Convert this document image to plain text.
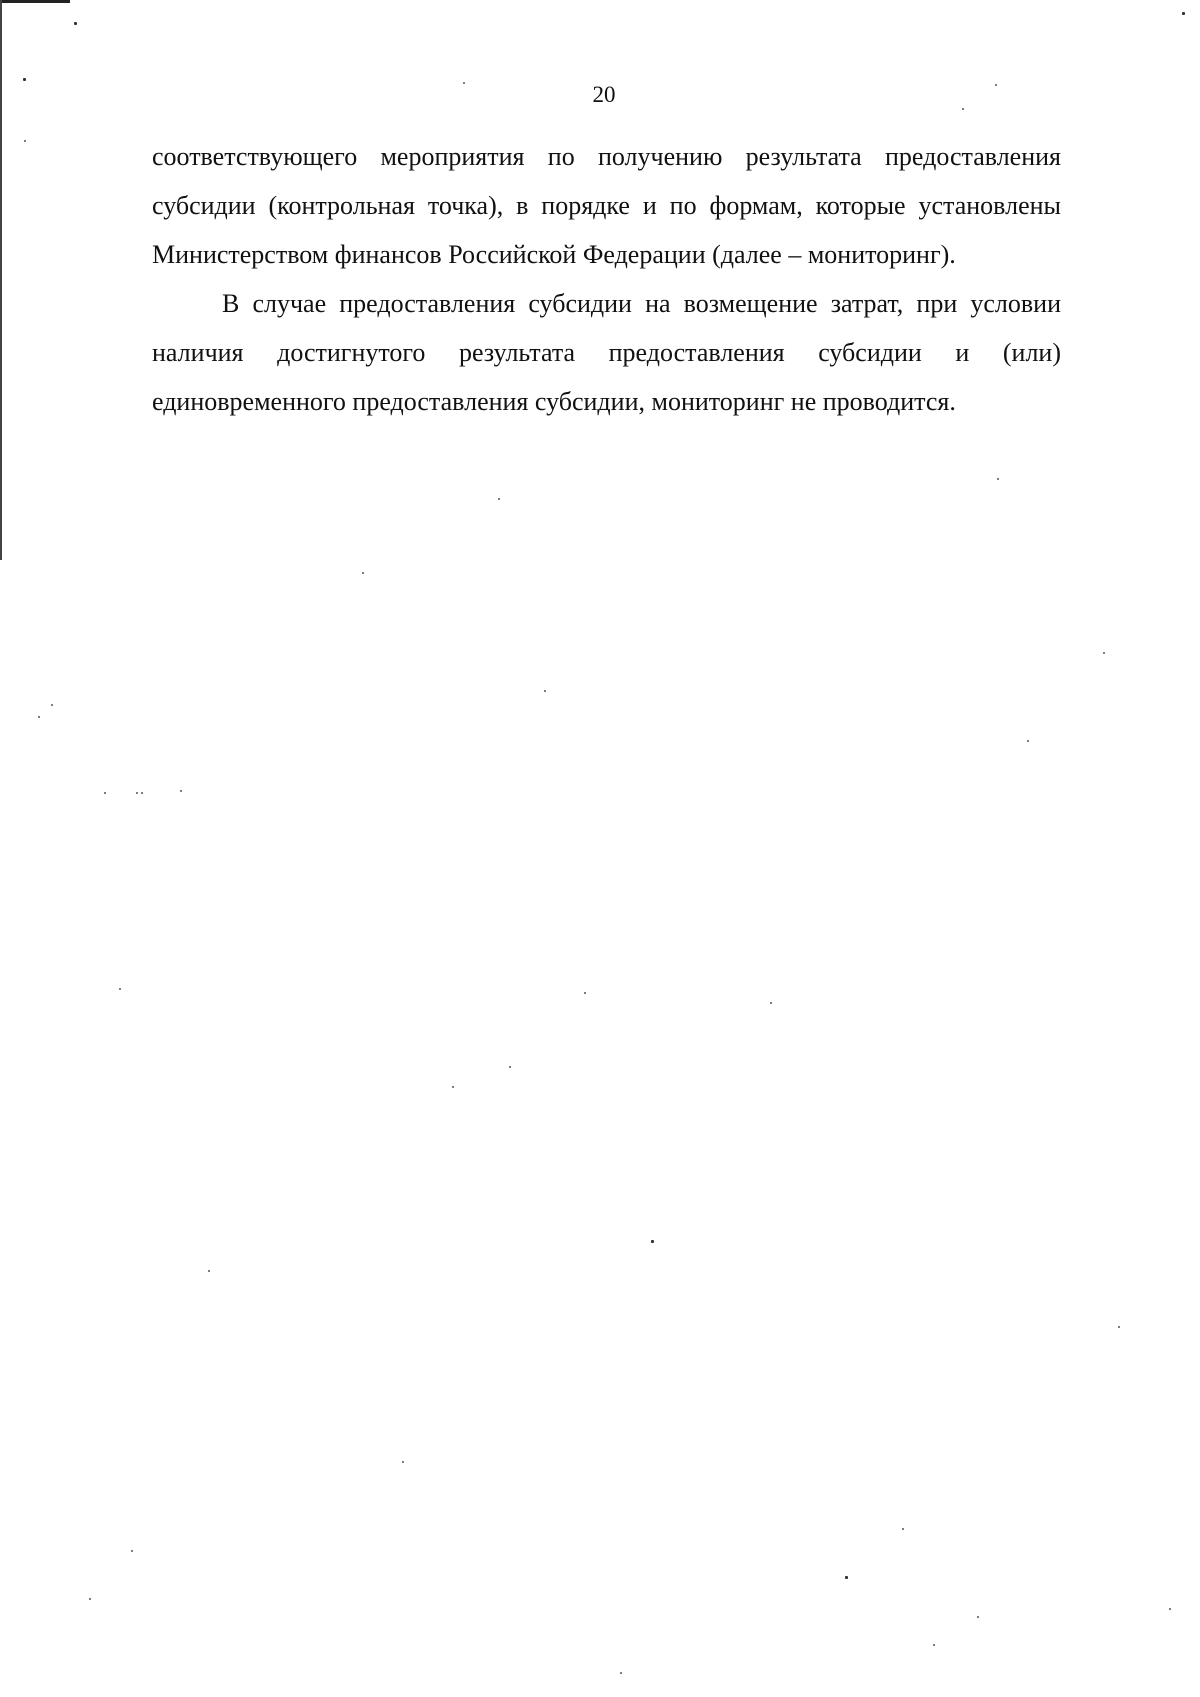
20

соответствующего мероприятия по получению результата предоставления субсидии (контрольная точка), в порядке и по формам, которые установлены Министерством финансов Российской Федерации (далее – мониторинг).

В случае предоставления субсидии на возмещение затрат, при условии наличия достигнутого результата предоставления субсидии и (или) единовременного предоставления субсидии, мониторинг не проводится.
